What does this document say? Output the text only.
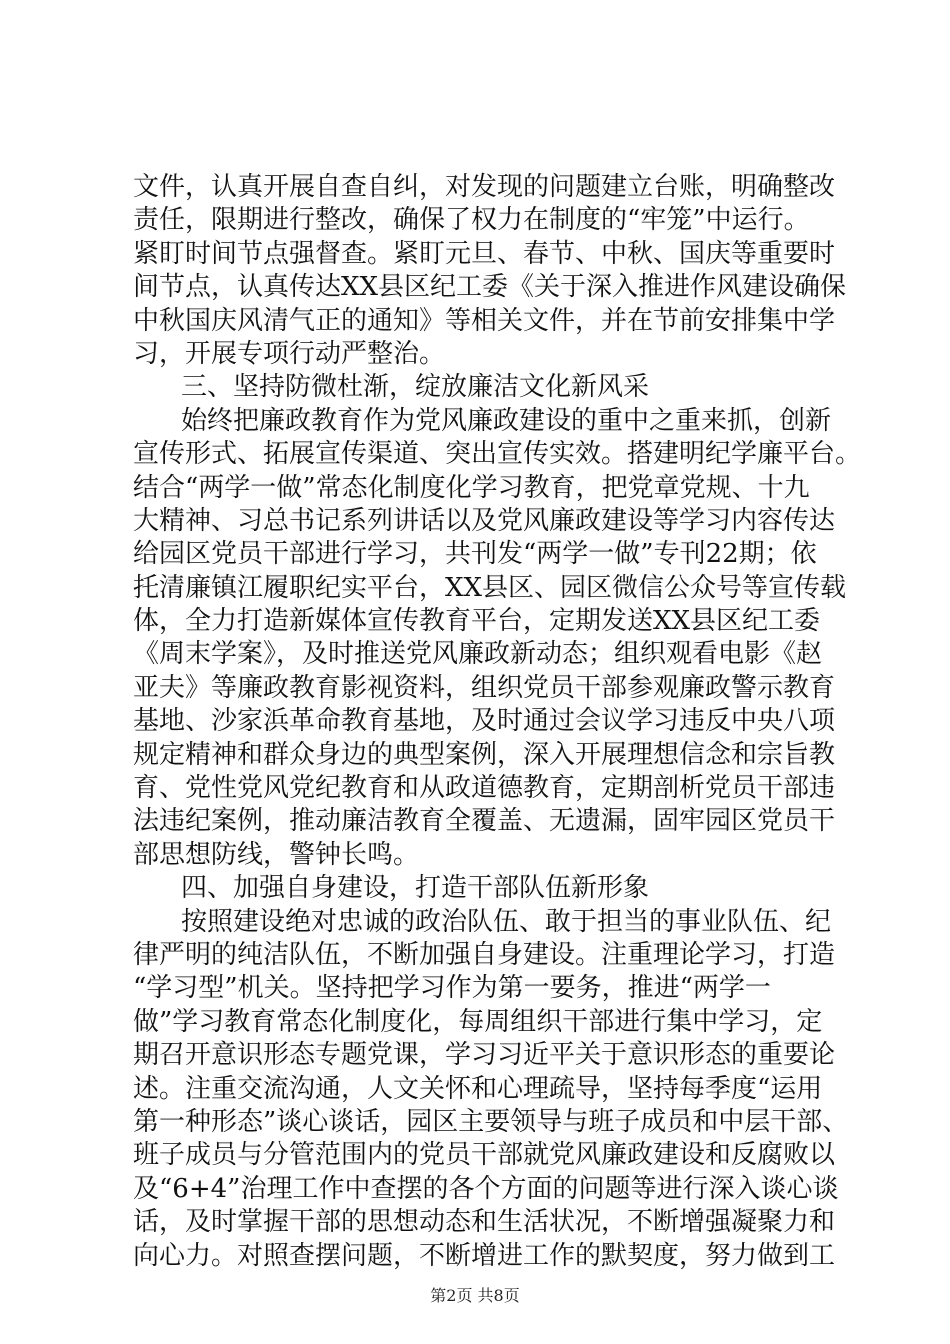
文件，认真开展自查自纠，对发现的问题建立台账，明确整改
责任，限期进行整改，确保了权力在制度的“牢笼”中运行。
紧盯时间节点强督查。紧盯元旦、春节、中秋、国庆等重要时
间节点，认真传达XX县区纪工委《关于深入推进作风建设确保
中秋国庆风清气正的通知》等相关文件，并在节前安排集中学
习，开展专项行动严整治。
三、坚持防微杜渐，绽放廉洁文化新风采
始终把廉政教育作为党风廉政建设的重中之重来抓，创新
宣传形式、拓展宣传渠道、突出宣传实效。搭建明纪学廉平台。
结合“两学一做”常态化制度化学习教育，把党章党规、十九
大精神、习总书记系列讲话以及党风廉政建设等学习内容传达
给园区党员干部进行学习，共刊发“两学一做”专刊22期；依
托清廉镇江履职纪实平台，XX县区、园区微信公众号等宣传载
体，全力打造新媒体宣传教育平台，定期发送XX县区纪工委
《周末学案》，及时推送党风廉政新动态；组织观看电影《赵
亚夫》等廉政教育影视资料，组织党员干部参观廉政警示教育
基地、沙家浜革命教育基地，及时通过会议学习违反中央八项
规定精神和群众身边的典型案例，深入开展理想信念和宗旨教
育、党性党风党纪教育和从政道德教育，定期剖析党员干部违
法违纪案例，推动廉洁教育全覆盖、无遗漏，固牢园区党员干
部思想防线，警钟长鸣。
四、加强自身建设，打造干部队伍新形象
按照建设绝对忠诚的政治队伍、敢于担当的事业队伍、纪
律严明的纯洁队伍，不断加强自身建设。注重理论学习，打造
“学习型”机关。坚持把学习作为第一要务，推进“两学一
做”学习教育常态化制度化，每周组织干部进行集中学习，定
期召开意识形态专题党课，学习习近平关于意识形态的重要论
述。注重交流沟通，人文关怀和心理疏导，坚持每季度“运用
第一种形态”谈心谈话，园区主要领导与班子成员和中层干部、
班子成员与分管范围内的党员干部就党风廉政建设和反腐败以
及“6+4”治理工作中查摆的各个方面的问题等进行深入谈心谈
话，及时掌握干部的思想动态和生活状况，不断增强凝聚力和
向心力。对照查摆问题，不断增进工作的默契度，努力做到工
第2页 共8页
